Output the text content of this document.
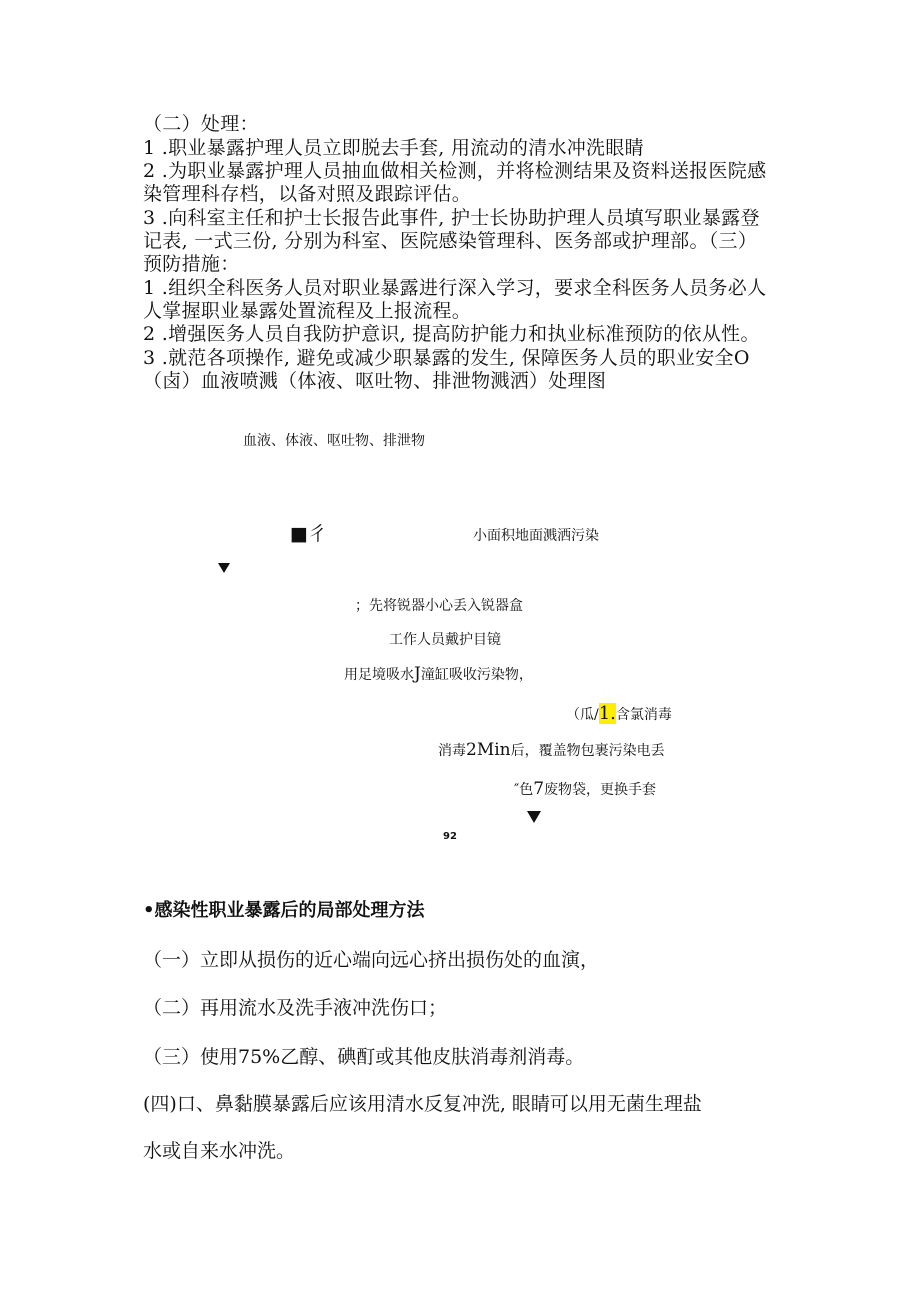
（二）处理：
1 .职业暴露护理人员立即脱去手套, 用流动的清水冲洗眼睛
2 .为职业暴露护理人员抽血做相关检测，并将检测结果及资料送报医院感
染管理科存档，以备对照及跟踪评估。
3 .向科室主任和护士长报告此事件, 护士长协助护理人员填写职业暴露登
记表, 一式三份, 分别为科室、医院感染管理科、医务部或护理部。（三）
预防措施：
1 .组织全科医务人员对职业暴露进行深入学习，要求全科医务人员务必人
人掌握职业暴露处置流程及上报流程。
2 .增强医务人员自我防护意识, 提高防护能力和执业标准预防的依从性。
3 .就范各项操作, 避免或减少职暴露的发生, 保障医务人员的职业安全O
（卤）血液喷溅（体液、呕吐物、排泄物溅洒）处理图
血液、体液、呕吐物、排泄物
■彳	小面积地面溅洒污染
；先将锐器小心丢入锐器盒
工作人员戴护目镜
用足境吸水J潼缸吸收污染物，
（瓜/1.含氯消毒
消毒2Min后，覆盖物包裹污染电丢
″色7废物袋，更换手套
92
•感染性职业暴露后的局部处理方法
（一）立即从损伤的近心端向远心挤出损伤处的血演，
（二）再用流水及洗手液冲洗伤口；
（三）使用75%乙醇、碘酊或其他皮肤消毒剂消毒。
(四)口、鼻黏膜暴露后应该用清水反复冲洗, 眼睛可以用无菌生理盐
水或自来水冲洗。
